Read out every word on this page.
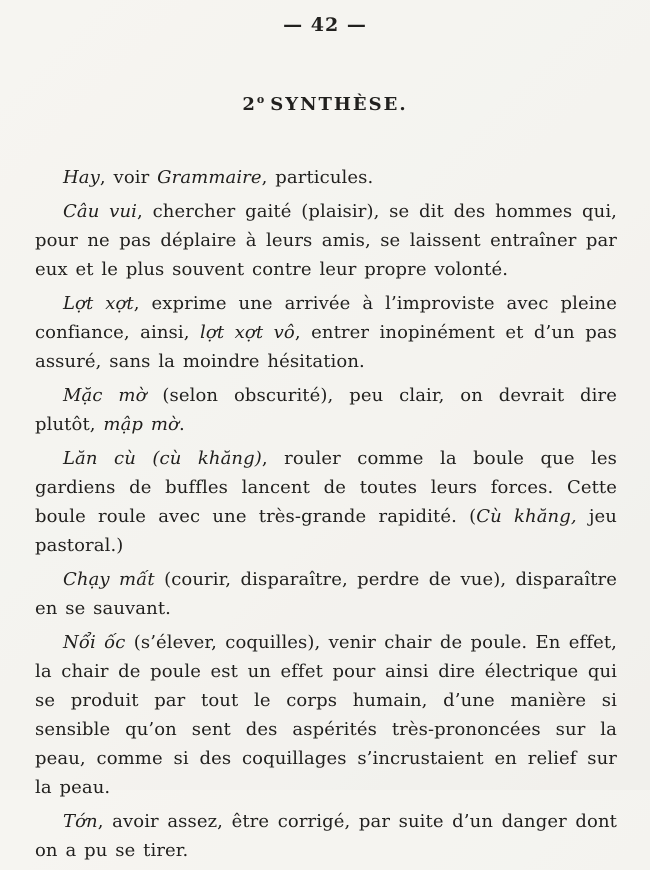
— 42 —
2$^o$ SYNTHÈSE.

Hay, voir Grammaire, particules.

Câu vui, chercher gaité (plaisir), se dit des hommes qui, pour ne pas déplaire à leurs amis, se laissent entraîner par eux et le plus souvent contre leur propre volonté.

Lợt xợt, exprime une arrivée à l’improviste avec pleine confiance, ainsi, lợt xợt vô, entrer inopinément et d’un pas assuré, sans la moindre hésitation.

Mặc mờ (selon obscurité), peu clair, on devrait dire plutôt, mập mờ.

Lăn cù (cù khăng), rouler comme la boule que les gardiens de buffles lancent de toutes leurs forces. Cette boule roule avec une très-grande rapidité. (Cù khăng, jeu pastoral.)

Chạy mất (courir, disparaître, perdre de vue), disparaître en se sauvant.

Nổi ốc (s’élever, coquilles), venir chair de poule. En effet, la chair de poule est un effet pour ainsi dire électrique qui se produit par tout le corps humain, d’une manière si sensible qu’on sent des aspérités très-prononcées sur la peau, comme si des coquillages s’incrustaient en relief sur la peau.

Tớn, avoir assez, être corrigé, par suite d’un danger dont on a pu se tirer.
